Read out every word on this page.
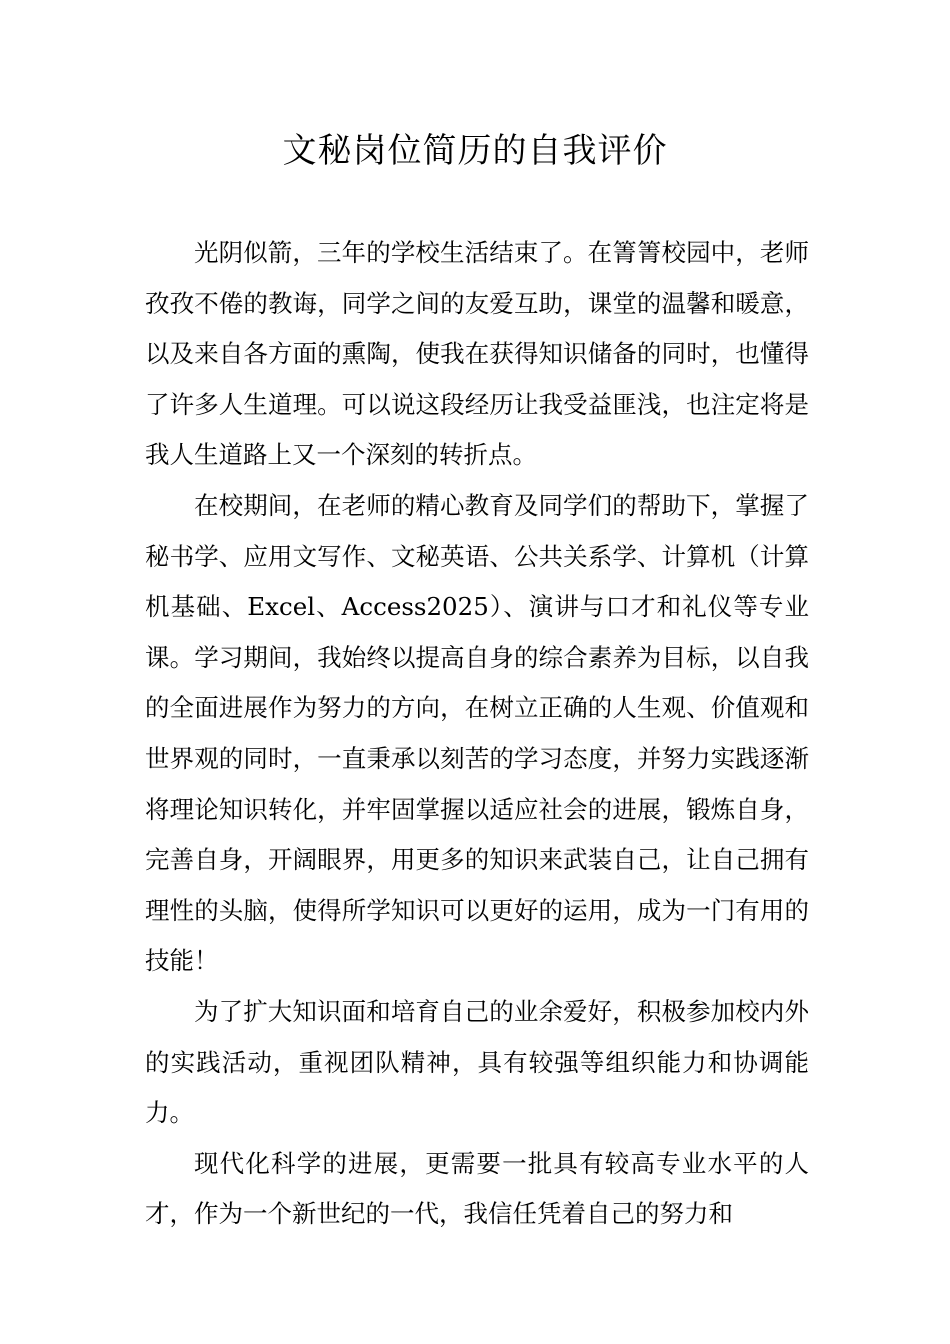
文秘岗位简历的自我评价

光阴似箭，三年的学校生活结束了。在箐箐校园中，老师孜孜不倦的教诲，同学之间的友爱互助，课堂的温馨和暖意，以及来自各方面的熏陶，使我在获得知识储备的同时，也懂得了许多人生道理。可以说这段经历让我受益匪浅，也注定将是我人生道路上又一个深刻的转折点。

在校期间，在老师的精心教育及同学们的帮助下，掌握了秘书学、应用文写作、文秘英语、公共关系学、计算机（计算机基础、Excel、Access2025）、演讲与口才和礼仪等专业课。学习期间，我始终以提高自身的综合素养为目标，以自我的全面进展作为努力的方向，在树立正确的人生观、价值观和世界观的同时，一直秉承以刻苦的学习态度，并努力实践逐渐将理论知识转化，并牢固掌握以适应社会的进展，锻炼自身，完善自身，开阔眼界，用更多的知识来武装自己，让自己拥有理性的头脑，使得所学知识可以更好的运用，成为一门有用的技能！

为了扩大知识面和培育自己的业余爱好，积极参加校内外的实践活动，重视团队精神，具有较强等组织能力和协调能力。

现代化科学的进展，更需要一批具有较高专业水平的人才，作为一个新世纪的一代，我信任凭着自己的努力和
